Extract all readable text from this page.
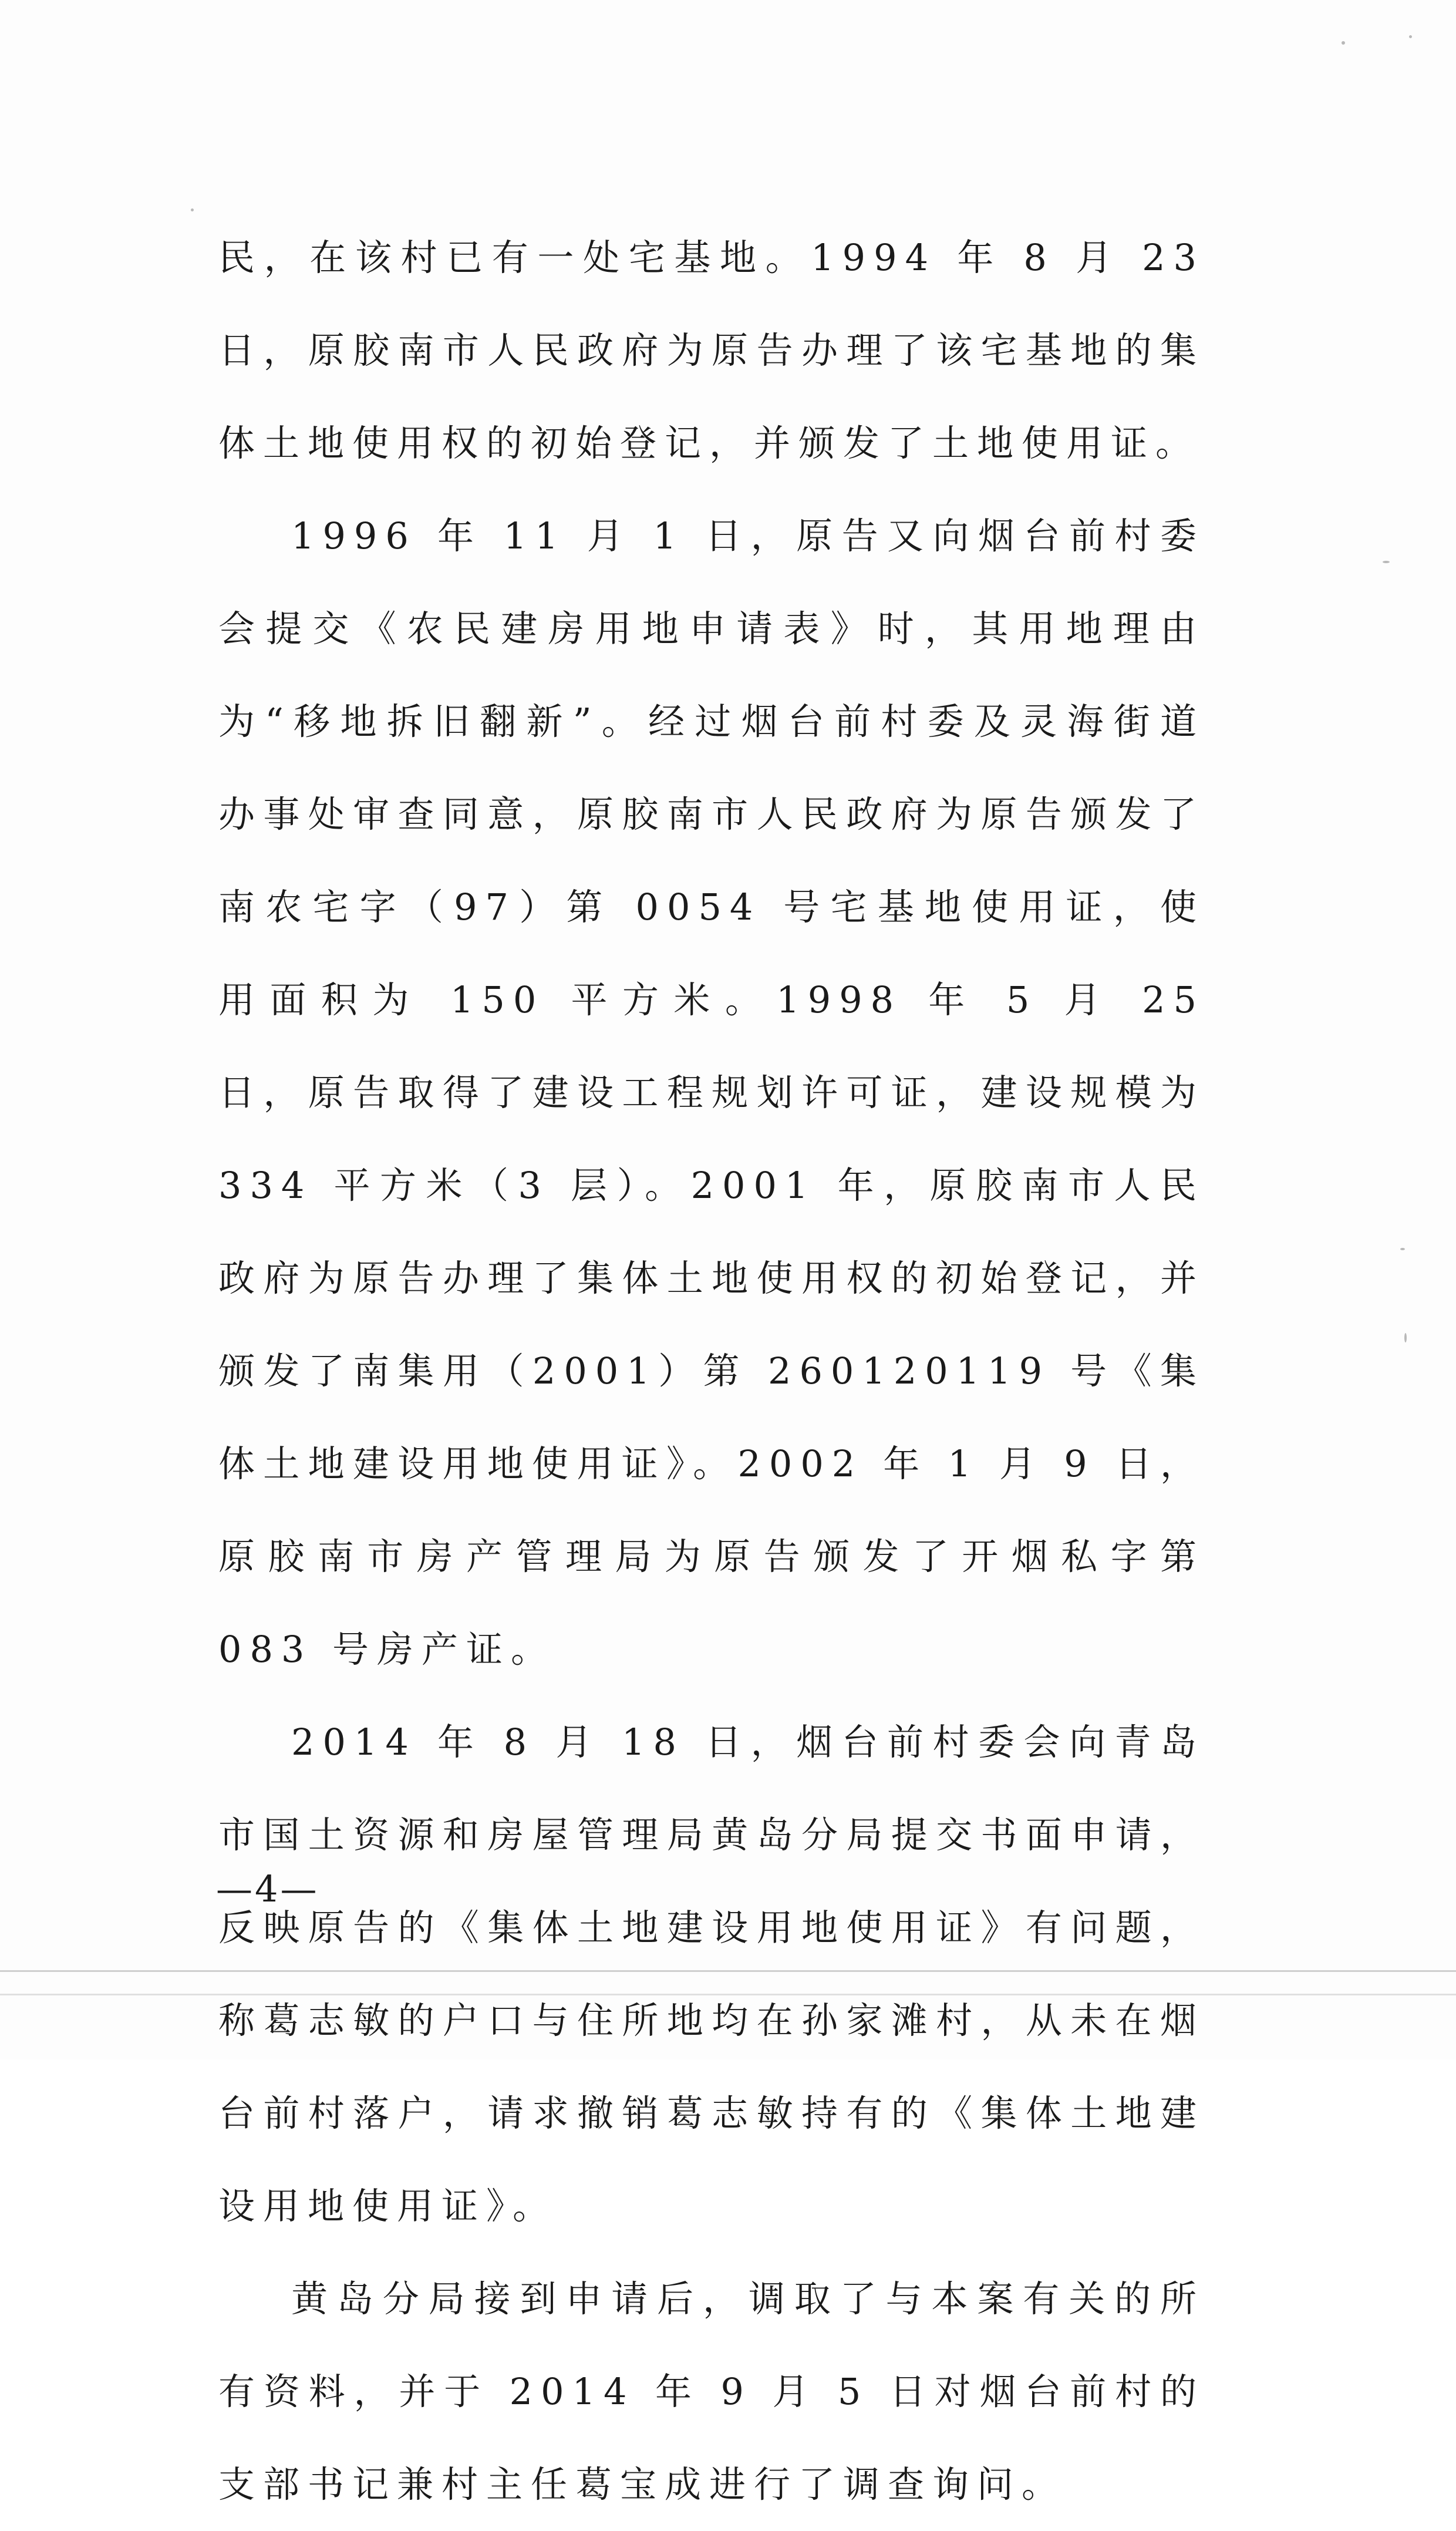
民，在该村已有一处宅基地。1994 年 8 月 23 日，原胶南市人民政府为原告办理了该宅基地的集体土地使用权的初始登记，并颁发了土地使用证。

1996 年 11 月 1 日，原告又向烟台前村委会提交《农民建房用地申请表》时，其用地理由为“移地拆旧翻新”。经过烟台前村委及灵海街道办事处审查同意，原胶南市人民政府为原告颁发了南农宅字（97）第 0054 号宅基地使用证，使用面积为 150 平方米。1998 年 5 月 25 日，原告取得了建设工程规划许可证，建设规模为 334 平方米（3 层）。2001 年，原胶南市人民政府为原告办理了集体土地使用权的初始登记，并颁发了南集用（2001）第 260120119 号《集体土地建设用地使用证》。2002 年 1 月 9 日，原胶南市房产管理局为原告颁发了开烟私字第 083 号房产证。

2014 年 8 月 18 日，烟台前村委会向青岛市国土资源和房屋管理局黄岛分局提交书面申请，反映原告的《集体土地建设用地使用证》有问题，称葛志敏的户口与住所地均在孙家滩村，从未在烟台前村落户，请求撤销葛志敏持有的《集体土地建设用地使用证》。

黄岛分局接到申请后，调取了与本案有关的所有资料，并于 2014 年 9 月 5 日对烟台前村的支部书记兼村主任葛宝成进行了调查询问。

—4—
